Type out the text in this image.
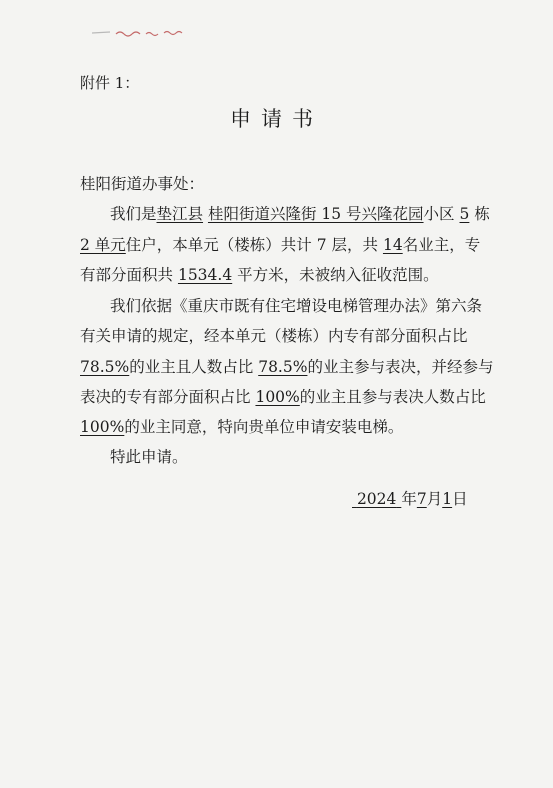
附件 1：
申请书
桂阳街道办事处：
我们是垫江县 桂阳街道兴隆街 15 号兴隆花园小区 5 栋
2 单元住户，本单元（楼栋）共计 7 层，共 14名业主，专
有部分面积共 1534.4 平方米，未被纳入征收范围。
我们依据《重庆市既有住宅增设电梯管理办法》第六条
有关申请的规定，经本单元（楼栋）内专有部分面积占比
78.5%的业主且人数占比 78.5%的业主参与表决，并经参与
表决的专有部分面积占比 100%的业主且参与表决人数占比
100%的业主同意，特向贵单位申请安装电梯。
特此申请。
2024 年7月1日
